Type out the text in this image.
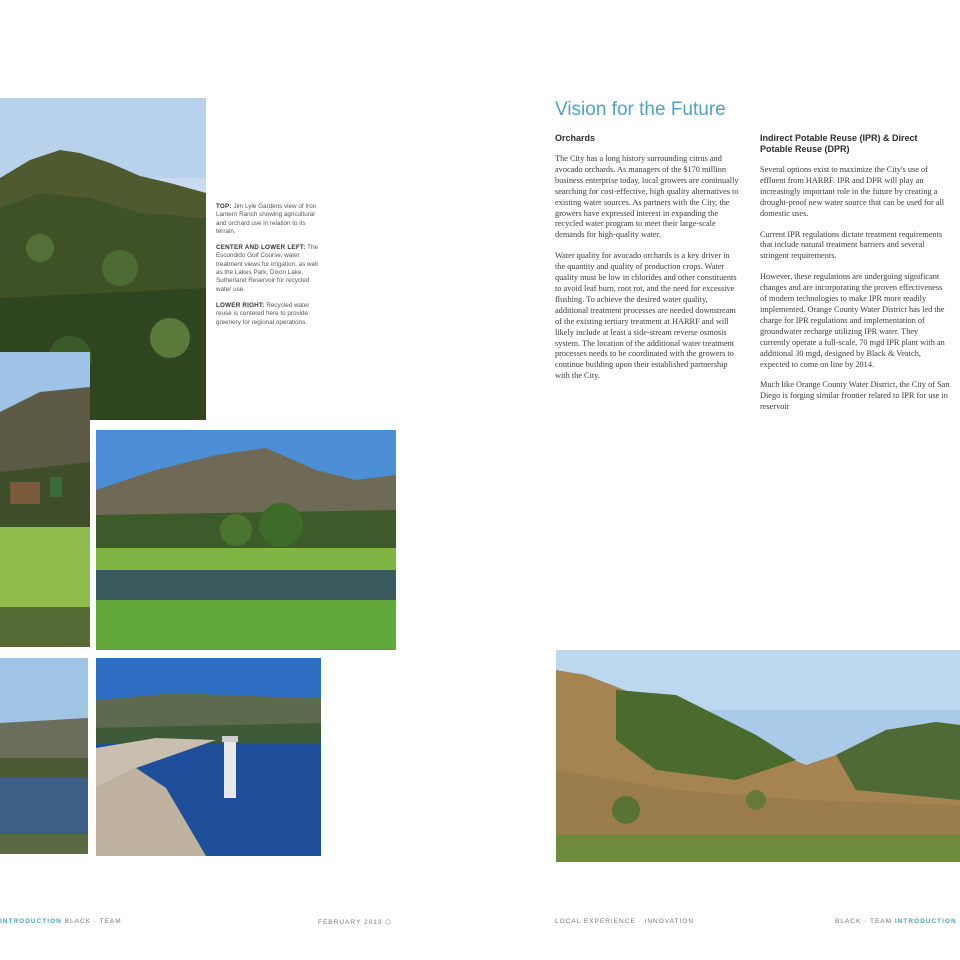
TOP: Jim Lyle Gardens view of Iron Lantern Ranch showing agricultural and orchard use in relation to its terrain.

CENTER AND LOWER LEFT: The Escondido Golf Course, water treatment views for irrigation, as well as the Lakes Park, Dixon Lake, Sutherland Reservoir for recycled water use.

LOWER RIGHT: Recycled water reuse is centered here to provide greenery for regional operations.

Vision for the Future
Orchards

The City has a long history surrounding citrus and avocado orchards. As managers of the $170 million business enterprise today, local growers are continually searching for cost-effective, high quality alternatives to existing water sources. As partners with the City, the growers have expressed interest in expanding the recycled water program to meet their large-scale demands for high-quality water.

Water quality for avocado orchards is a key driver in the quantity and quality of production crops. Water quality must be low in chlorides and other constituents to avoid leaf burn, root rot, and the need for excessive flushing. To achieve the desired water quality, additional treatment processes are needed downstream of the existing tertiary treatment at HARRF and will likely include at least a side-stream reverse osmosis system. The location of the additional water treatment processes needs to be coordinated with the growers to continue building upon their established partnership with the City.

Indirect Potable Reuse (IPR) & Direct Potable Reuse (DPR)

Several options exist to maximize the City's use of effluent from HARRF. IPR and DPR will play an increasingly important role in the future by creating a drought-proof new water source that can be used for all domestic uses.

Current IPR regulations dictate treatment requirements that include natural treatment barriers and several stringent requirements.

However, these regulations are undergoing significant changes and are incorporating the proven effectiveness of modern technologies to make IPR more readily implemented. Orange County Water District has led the charge for IPR regulations and implementation of groundwater recharge utilizing IPR water. They currently operate a full-scale, 70 mgd IPR plant with an additional 30 mgd, designed by Black & Veatch, expected to come on line by 2014.

Much like Orange County Water District, the City of San Diego is forging similar frontier related to IPR for use in reservoir

INTRODUCTION BLACK · TEAM	FEBRUARY 2013 ⬡	LOCAL EXPERIENCE · INNOVATION	BLACK · TEAM INTRODUCTION
